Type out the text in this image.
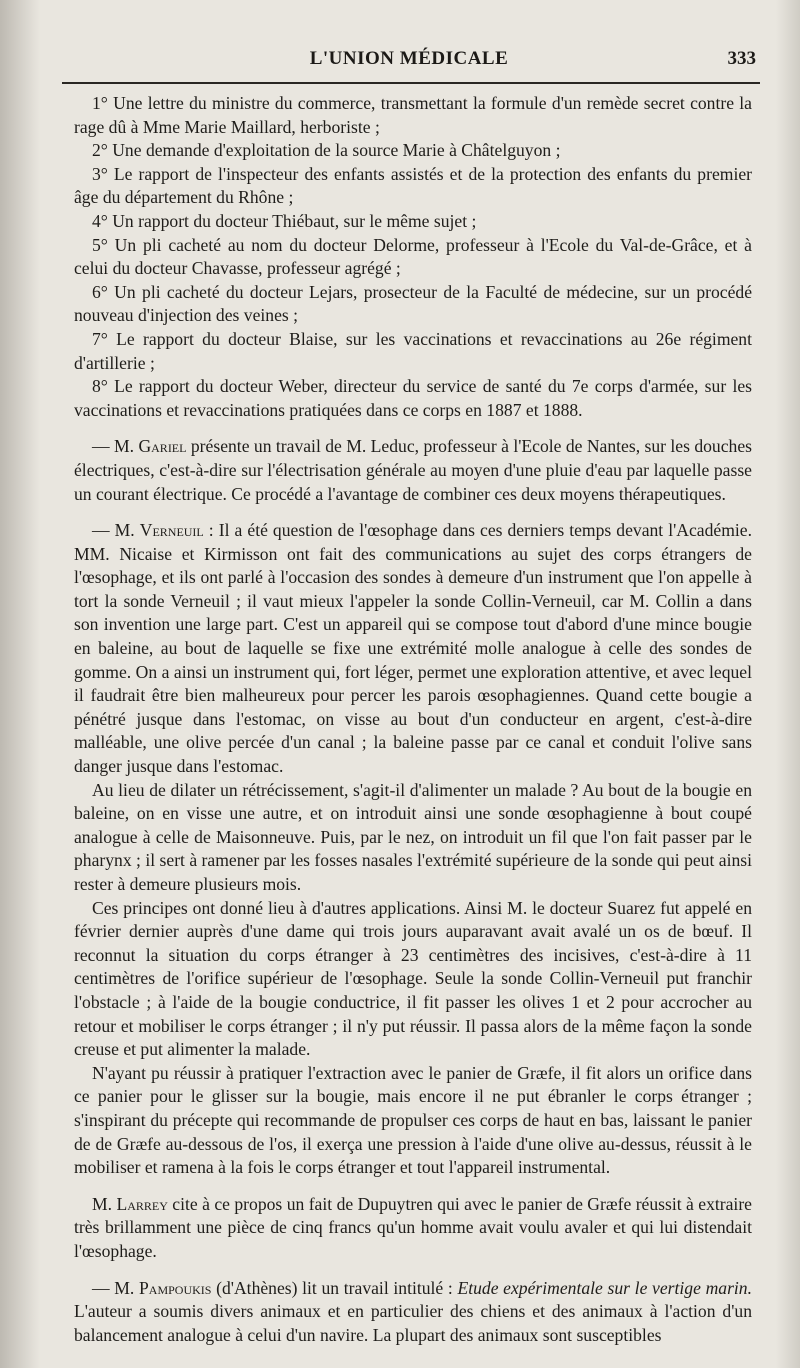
L'UNION MÉDICALE	333

1° Une lettre du ministre du commerce, transmettant la formule d'un remède secret contre la rage dû à Mme Marie Maillard, herboriste ;

2° Une demande d'exploitation de la source Marie à Châtelguyon ;

3° Le rapport de l'inspecteur des enfants assistés et de la protection des enfants du premier âge du département du Rhône ;

4° Un rapport du docteur Thiébaut, sur le même sujet ;

5° Un pli cacheté au nom du docteur Delorme, professeur à l'Ecole du Val-de-Grâce, et à celui du docteur Chavasse, professeur agrégé ;

6° Un pli cacheté du docteur Lejars, prosecteur de la Faculté de médecine, sur un procédé nouveau d'injection des veines ;

7° Le rapport du docteur Blaise, sur les vaccinations et revaccinations au 26e régiment d'artillerie ;

8° Le rapport du docteur Weber, directeur du service de santé du 7e corps d'armée, sur les vaccinations et revaccinations pratiquées dans ce corps en 1887 et 1888.

— M. Gariel présente un travail de M. Leduc, professeur à l'Ecole de Nantes, sur les douches électriques, c'est-à-dire sur l'électrisation générale au moyen d'une pluie d'eau par laquelle passe un courant électrique. Ce procédé a l'avantage de combiner ces deux moyens thérapeutiques.

— M. Verneuil : Il a été question de l'œsophage dans ces derniers temps devant l'Académie. MM. Nicaise et Kirmisson ont fait des communications au sujet des corps étrangers de l'œsophage, et ils ont parlé à l'occasion des sondes à demeure d'un instrument que l'on appelle à tort la sonde Verneuil ; il vaut mieux l'appeler la sonde Collin-Verneuil, car M. Collin a dans son invention une large part. C'est un appareil qui se compose tout d'abord d'une mince bougie en baleine, au bout de laquelle se fixe une extrémité molle analogue à celle des sondes de gomme. On a ainsi un instrument qui, fort léger, permet une exploration attentive, et avec lequel il faudrait être bien malheureux pour percer les parois œsophagiennes. Quand cette bougie a pénétré jusque dans l'estomac, on visse au bout d'un conducteur en argent, c'est-à-dire malléable, une olive percée d'un canal ; la baleine passe par ce canal et conduit l'olive sans danger jusque dans l'estomac.

Au lieu de dilater un rétrécissement, s'agit-il d'alimenter un malade ? Au bout de la bougie en baleine, on en visse une autre, et on introduit ainsi une sonde œsophagienne à bout coupé analogue à celle de Maisonneuve. Puis, par le nez, on introduit un fil que l'on fait passer par le pharynx ; il sert à ramener par les fosses nasales l'extrémité supérieure de la sonde qui peut ainsi rester à demeure plusieurs mois.

Ces principes ont donné lieu à d'autres applications. Ainsi M. le docteur Suarez fut appelé en février dernier auprès d'une dame qui trois jours auparavant avait avalé un os de bœuf. Il reconnut la situation du corps étranger à 23 centimètres des incisives, c'est-à-dire à 11 centimètres de l'orifice supérieur de l'œsophage. Seule la sonde Collin-Verneuil put franchir l'obstacle ; à l'aide de la bougie conductrice, il fit passer les olives 1 et 2 pour accrocher au retour et mobiliser le corps étranger ; il n'y put réussir. Il passa alors de la même façon la sonde creuse et put alimenter la malade.

N'ayant pu réussir à pratiquer l'extraction avec le panier de Græfe, il fit alors un orifice dans ce panier pour le glisser sur la bougie, mais encore il ne put ébranler le corps étranger ; s'inspirant du précepte qui recommande de propulser ces corps de haut en bas, laissant le panier de de Græfe au-dessous de l'os, il exerça une pression à l'aide d'une olive au-dessus, réussit à le mobiliser et ramena à la fois le corps étranger et tout l'appareil instrumental.

M. Larrey cite à ce propos un fait de Dupuytren qui avec le panier de Græfe réussit à extraire très brillamment une pièce de cinq francs qu'un homme avait voulu avaler et qui lui distendait l'œsophage.

— M. Pampoukis (d'Athènes) lit un travail intitulé : Etude expérimentale sur le vertige marin. L'auteur a soumis divers animaux et en particulier des chiens et des animaux à l'action d'un balancement analogue à celui d'un navire. La plupart des animaux sont susceptibles
